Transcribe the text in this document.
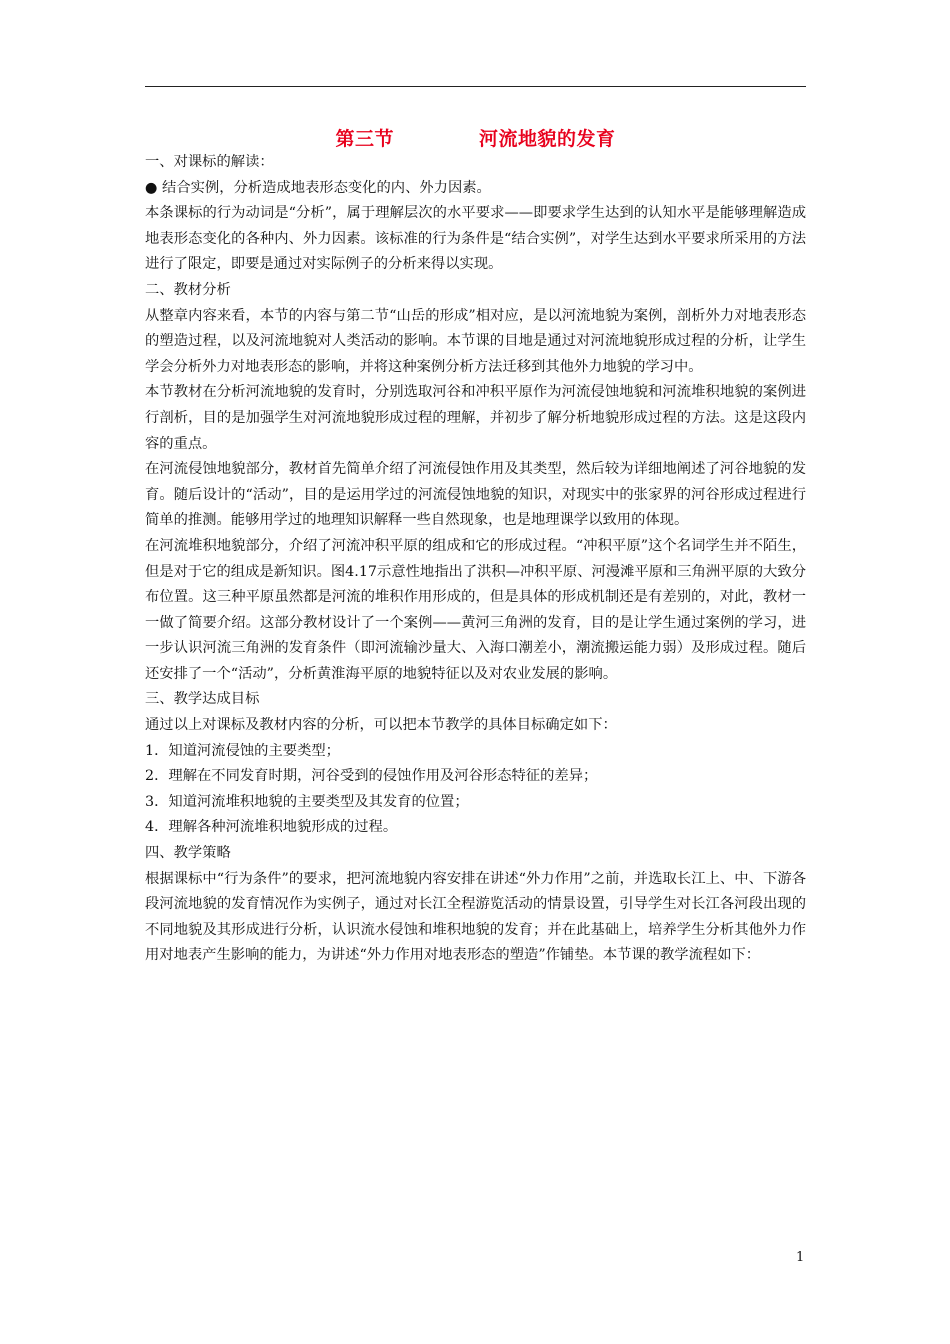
第三节 　　　　河流地貌的发育

一、对课标的解读：

● 结合实例，分析造成地表形态变化的内、外力因素。

本条课标的行为动词是“分析”，属于理解层次的水平要求——即要求学生达到的认知水平是能够理解造成地表形态变化的各种内、外力因素。该标准的行为条件是“结合实例”，对学生达到水平要求所采用的方法进行了限定，即要是通过对实际例子的分析来得以实现。

二、教材分析

从整章内容来看，本节的内容与第二节“山岳的形成”相对应，是以河流地貌为案例，剖析外力对地表形态的塑造过程，以及河流地貌对人类活动的影响。本节课的目地是通过对河流地貌形成过程的分析，让学生学会分析外力对地表形态的影响，并将这种案例分析方法迁移到其他外力地貌的学习中。

本节教材在分析河流地貌的发育时，分别选取河谷和冲积平原作为河流侵蚀地貌和河流堆积地貌的案例进行剖析，目的是加强学生对河流地貌形成过程的理解，并初步了解分析地貌形成过程的方法。这是这段内容的重点。

在河流侵蚀地貌部分，教材首先简单介绍了河流侵蚀作用及其类型，然后较为详细地阐述了河谷地貌的发育。随后设计的“活动”，目的是运用学过的河流侵蚀地貌的知识，对现实中的张家界的河谷形成过程进行简单的推测。能够用学过的地理知识解释一些自然现象，也是地理课学以致用的体现。

在河流堆积地貌部分，介绍了河流冲积平原的组成和它的形成过程。“冲积平原”这个名词学生并不陌生，但是对于它的组成是新知识。图4.17示意性地指出了洪积—冲积平原、河漫滩平原和三角洲平原的大致分布位置。这三种平原虽然都是河流的堆积作用形成的，但是具体的形成机制还是有差别的，对此，教材一一做了简要介绍。这部分教材设计了一个案例——黄河三角洲的发育，目的是让学生通过案例的学习，进一步认识河流三角洲的发育条件（即河流输沙量大、入海口潮差小，潮流搬运能力弱）及形成过程。随后还安排了一个“活动”，分析黄淮海平原的地貌特征以及对农业发展的影响。

三、教学达成目标

通过以上对课标及教材内容的分析，可以把本节教学的具体目标确定如下：

1．知道河流侵蚀的主要类型；

2．理解在不同发育时期，河谷受到的侵蚀作用及河谷形态特征的差异；

3．知道河流堆积地貌的主要类型及其发育的位置；

4．理解各种河流堆积地貌形成的过程。

四、教学策略

根据课标中“行为条件”的要求，把河流地貌内容安排在讲述“外力作用”之前，并选取长江上、中、下游各段河流地貌的发育情况作为实例子，通过对长江全程游览活动的情景设置，引导学生对长江各河段出现的不同地貌及其形成进行分析，认识流水侵蚀和堆积地貌的发育；并在此基础上，培养学生分析其他外力作用对地表产生影响的能力，为讲述“外力作用对地表形态的塑造”作铺垫。本节课的教学流程如下：

1
